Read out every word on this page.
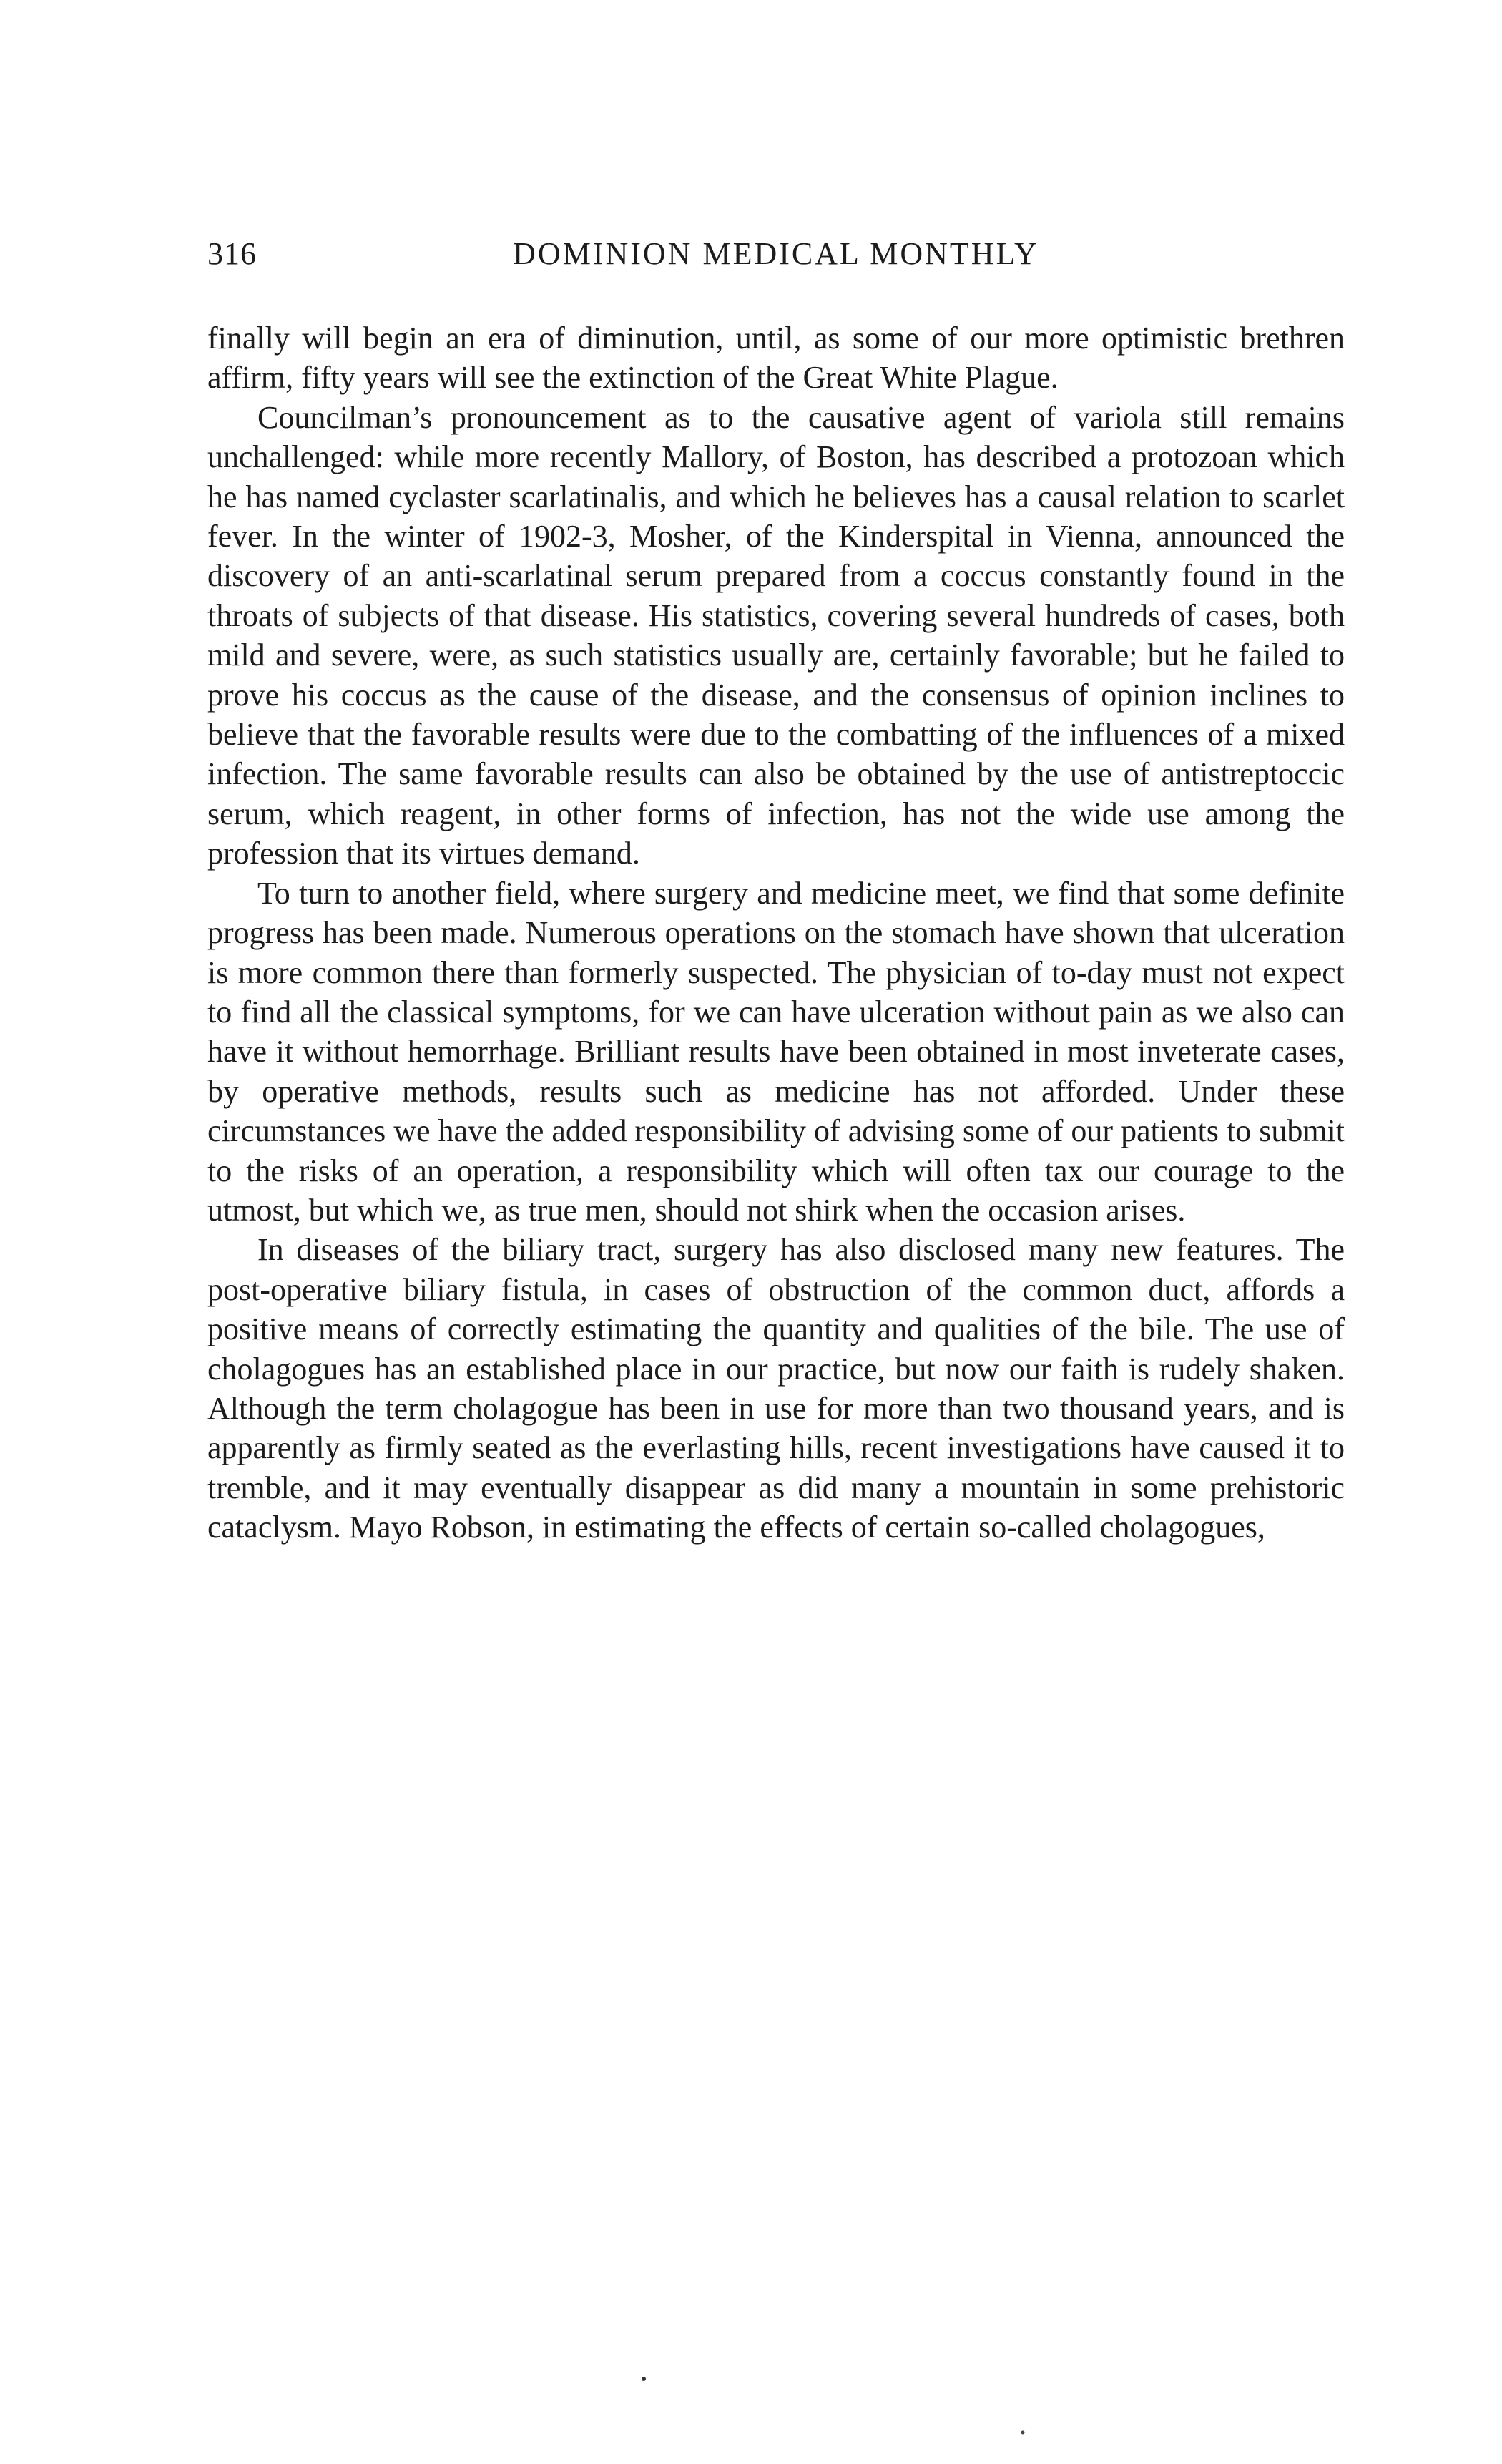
316	DOMINION MEDICAL MONTHLY

finally will begin an era of diminution, until, as some of our more optimistic brethren affirm, fifty years will see the extinction of the Great White Plague.

Councilman’s pronouncement as to the causative agent of variola still remains unchallenged: while more recently Mallory, of Boston, has described a protozoan which he has named cyclaster scarlatinalis, and which he believes has a causal relation to scarlet fever. In the winter of 1902-3, Mosher, of the Kinderspital in Vienna, announced the discovery of an anti-scarlatinal serum prepared from a coccus constantly found in the throats of subjects of that disease. His statistics, covering several hundreds of cases, both mild and severe, were, as such statistics usually are, certainly favorable; but he failed to prove his coccus as the cause of the disease, and the consensus of opinion inclines to believe that the favorable results were due to the combatting of the influences of a mixed infection. The same favorable results can also be obtained by the use of antistreptoccic serum, which reagent, in other forms of infection, has not the wide use among the profession that its virtues demand.

To turn to another field, where surgery and medicine meet, we find that some definite progress has been made. Numerous operations on the stomach have shown that ulceration is more common there than formerly suspected. The physician of to-day must not expect to find all the classical symptoms, for we can have ulceration without pain as we also can have it without hemorrhage. Brilliant results have been obtained in most inveterate cases, by operative methods, results such as medicine has not afforded. Under these circumstances we have the added responsibility of advising some of our patients to submit to the risks of an operation, a responsibility which will often tax our courage to the utmost, but which we, as true men, should not shirk when the occasion arises.

In diseases of the biliary tract, surgery has also disclosed many new features. The post-operative biliary fistula, in cases of obstruction of the common duct, affords a positive means of correctly estimating the quantity and qualities of the bile. The use of cholagogues has an established place in our practice, but now our faith is rudely shaken. Although the term cholagogue has been in use for more than two thousand years, and is apparently as firmly seated as the everlasting hills, recent investigations have caused it to tremble, and it may eventually disappear as did many a mountain in some prehistoric cataclysm. Mayo Robson, in estimating the effects of certain so-called cholagogues,
